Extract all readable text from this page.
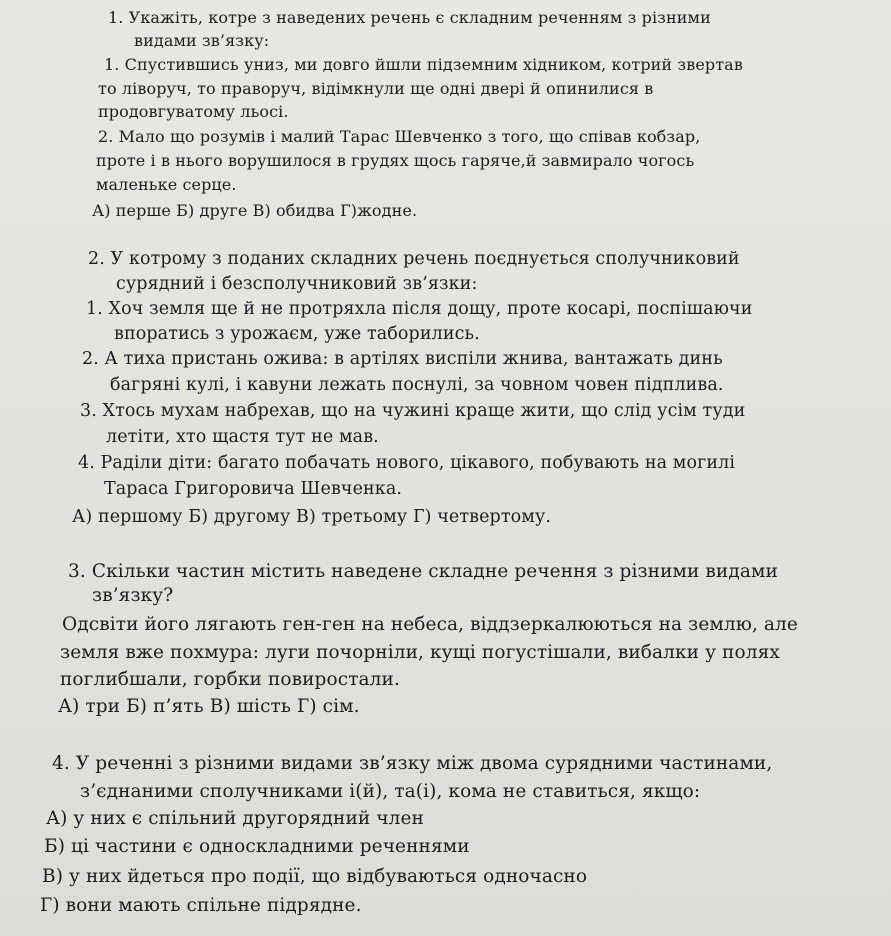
1. Укажіть, котре з наведених речень є складним реченням з різними
видами зв’язку:
1. Спустившись униз, ми довго йшли підземним хідником, котрий звертав
то ліворуч, то праворуч, відімкнули ще одні двері й опинилися в
продовгуватому льосі.
2. Мало що розумів і малий Тарас Шевченко з того, що співав кобзар,
проте і в нього ворушилося в грудях щось гаряче,й завмирало чогось
маленьке серце.
А) перше Б) друге В) обидва Г)жодне.
2. У котрому з поданих складних речень поєднується сполучниковий
сурядний і безсполучниковий зв’язки:
1. Хоч земля ще й не протряхла після дощу, проте косарі, поспішаючи
впоратись з урожаєм, уже таборились.
2. А тиха пристань ожива: в артілях виспіли жнива, вантажать динь
багряні кулі, і кавуни лежать поснулі, за човном човен підплива.
3. Хтось мухам набрехав, що на чужині краще жити, що слід усім туди
летіти, хто щастя тут не мав.
4. Раділи діти: багато побачать нового, цікавого, побувають на могилі
Тараса Григоровича Шевченка.
А) першому Б) другому В) третьому Г) четвертому.
3. Скільки частин містить наведене складне речення з різними видами
зв’язку?
Одсвіти його лягають ген-ген на небеса, віддзеркалюються на землю, але
земля вже похмура: луги почорніли, кущі погустішали, вибалки у полях
поглибшали, горбки повиростали.
А) три Б) п’ять В) шість Г) сім.
4. У реченні з різними видами зв’язку між двома сурядними частинами,
з’єднаними сполучниками і(й), та(і), кома не ставиться, якщо:
А) у них є спільний другорядний член
Б) ці частини є односкладними реченнями
В) у них йдеться про події, що відбуваються одночасно
Г) вони мають спільне підрядне.
